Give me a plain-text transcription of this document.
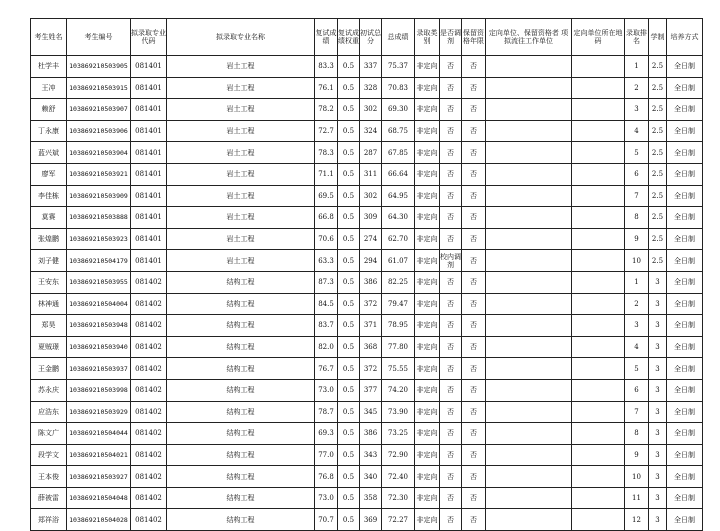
考生姓名	考生编号	拟录取专业代码	拟录取专业名称	复试成绩	复试成绩权重	初试总分	总成绩	录取类别	是否调剂	保留资格年限	定向单位、保留资格者 项拟流往工作单位	定向单位所在地码	录取排名	学制	培养方式
杜学丰	103869210503905	081401	岩土工程	83.3	0.5	337	75.37	非定向	否	否			1	2.5	全日制
王冲	103869210503915	081401	岩土工程	76.1	0.5	328	70.83	非定向	否	否			2	2.5	全日制
赖舒	103869210503907	081401	岩土工程	78.2	0.5	302	69.30	非定向	否	否			3	2.5	全日制
丁永康	103869210503906	081401	岩土工程	72.7	0.5	324	68.75	非定向	否	否			4	2.5	全日制
蓝兴斌	103869210503904	081401	岩土工程	78.3	0.5	287	67.85	非定向	否	否			5	2.5	全日制
廖军	103869210503921	081401	岩土工程	71.1	0.5	311	66.64	非定向	否	否			6	2.5	全日制
李佳栋	103869210503909	081401	岩土工程	69.5	0.5	302	64.95	非定向	否	否			7	2.5	全日制
莫赛	103869210503888	081401	岩土工程	66.8	0.5	309	64.30	非定向	否	否			8	2.5	全日制
张煌鹏	103869210503923	081401	岩土工程	70.6	0.5	274	62.70	非定向	否	否			9	2.5	全日制
刘子健	103869210504179	081401	岩土工程	63.3	0.5	294	61.07	非定向	校内调剂	否			10	2.5	全日制
王安东	103869210503955	081402	结构工程	87.3	0.5	386	82.25	非定向	否	否			1	3	全日制
林神通	103869210504004	081402	结构工程	84.5	0.5	372	79.47	非定向	否	否			2	3	全日制
郑昊	103869210503948	081402	结构工程	83.7	0.5	371	78.95	非定向	否	否			3	3	全日制
夏贼璟	103869210503940	081402	结构工程	82.0	0.5	368	77.80	非定向	否	否			4	3	全日制
王金鹏	103869210503937	081402	结构工程	76.7	0.5	372	75.55	非定向	否	否			5	3	全日制
苏永庆	103869210503998	081402	结构工程	73.0	0.5	377	74.20	非定向	否	否			6	3	全日制
应浩东	103869210503929	081402	结构工程	78.7	0.5	345	73.90	非定向	否	否			7	3	全日制
陈文广	103869210504044	081402	结构工程	69.3	0.5	386	73.25	非定向	否	否			8	3	全日制
段学文	103869210504021	081402	结构工程	77.0	0.5	343	72.90	非定向	否	否			9	3	全日制
王本俊	103869210503927	081402	结构工程	76.8	0.5	340	72.40	非定向	否	否			10	3	全日制
薛被雷	103869210504048	081402	结构工程	73.0	0.5	358	72.30	非定向	否	否			11	3	全日制
郑祥浴	103869210504028	081402	结构工程	70.7	0.5	369	72.27	非定向	否	否			12	3	全日制
